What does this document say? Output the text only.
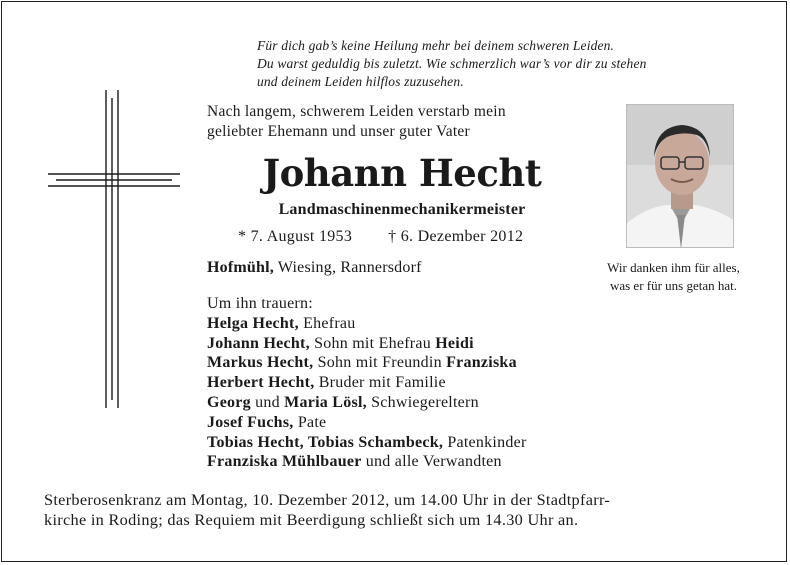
Für dich gab’s keine Heilung mehr bei deinem schweren Leiden.
Du warst geduldig bis zuletzt. Wie schmerzlich war’s vor dir zu stehen
und deinem Leiden hilflos zuzusehen.
Nach langem, schwerem Leiden verstarb mein
geliebter Ehemann und unser guter Vater
Johann Hecht
Landmaschinenmechanikermeister
* 7. August 1953 † 6. Dezember 2012
Hofmühl, Wiesing, Rannersdorf	Wir danken ihm für alles,
was er für uns getan hat.
Um ihn trauern:
Helga Hecht, Ehefrau
Johann Hecht, Sohn mit Ehefrau Heidi
Markus Hecht, Sohn mit Freundin Franziska
Herbert Hecht, Bruder mit Familie
Georg und Maria Lösl, Schwiegereltern
Josef Fuchs, Pate
Tobias Hecht, Tobias Schambeck, Patenkinder
Franziska Mühlbauer und alle Verwandten
Sterberosenkranz am Montag, 10. Dezember 2012, um 14.00 Uhr in der Stadtpfarr-
kirche in Roding; das Requiem mit Beerdigung schließt sich um 14.30 Uhr an.
